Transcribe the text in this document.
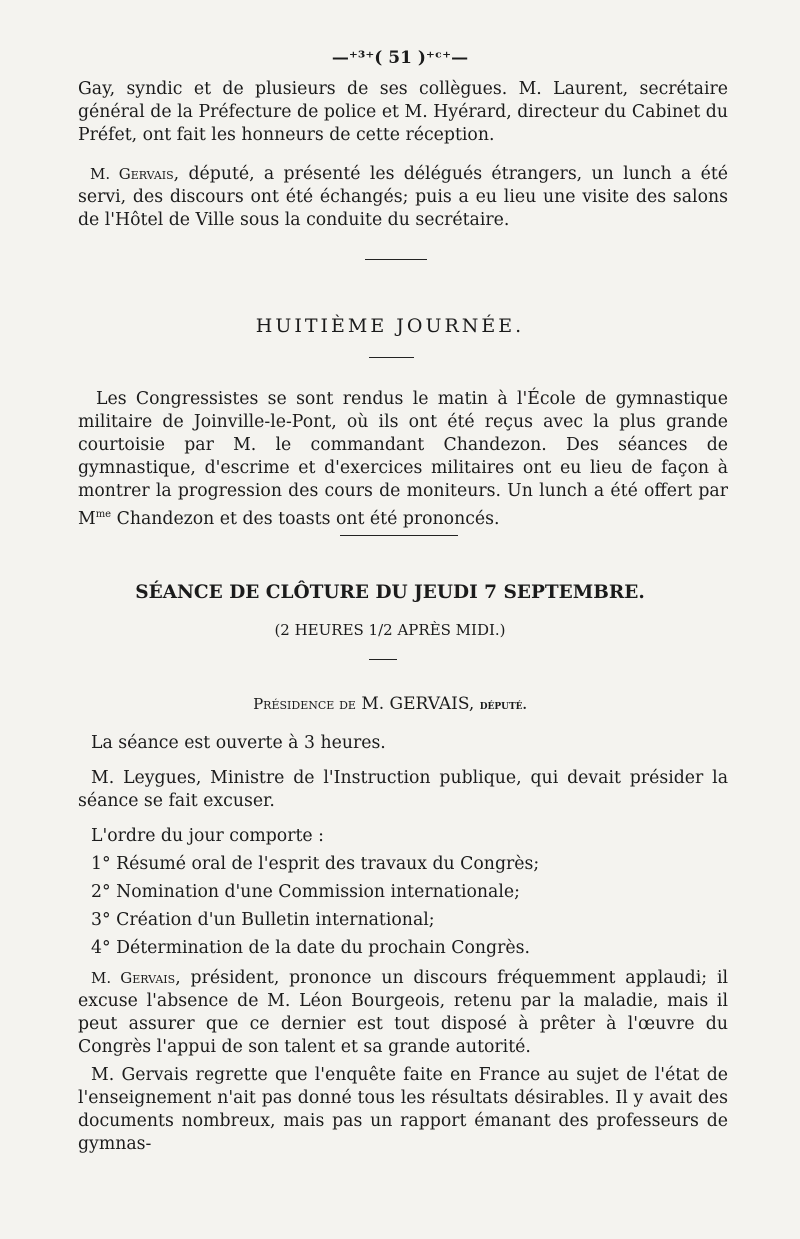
—⁺³⁺( 51 )⁺ᶜ⁺—

Gay, syndic et de plusieurs de ses collègues. M. Laurent, secrétaire général de la Préfecture de police et M. Hyérard, directeur du Cabinet du Préfet, ont fait les honneurs de cette réception.

M. Gervais, député, a présenté les délégués étrangers, un lunch a été servi, des discours ont été échangés; puis a eu lieu une visite des salons de l'Hôtel de Ville sous la conduite du secrétaire.

HUITIÈME JOURNÉE.

Les Congressistes se sont rendus le matin à l'École de gymnastique militaire de Joinville-le-Pont, où ils ont été reçus avec la plus grande courtoisie par M. le commandant Chandezon. Des séances de gymnastique, d'escrime et d'exercices militaires ont eu lieu de façon à montrer la progression des cours de moniteurs. Un lunch a été offert par $M^{me}$ Chandezon et des toasts ont été prononcés.

SÉANCE DE CLÔTURE DU JEUDI 7 SEPTEMBRE.
(2 HEURES 1/2 APRÈS MIDI.)
Présidence de M. GERVAIS, député.
La séance est ouverte à 3 heures.

M. Leygues, Ministre de l'Instruction publique, qui devait présider la séance se fait excuser.

L'ordre du jour comporte :
1° Résumé oral de l'esprit des travaux du Congrès;
2° Nomination d'une Commission internationale;
3° Création d'un Bulletin international;
4° Détermination de la date du prochain Congrès.

M. Gervais, président, prononce un discours fréquemment applaudi; il excuse l'absence de M. Léon Bourgeois, retenu par la maladie, mais il peut assurer que ce dernier est tout disposé à prêter à l'œuvre du Congrès l'appui de son talent et sa grande autorité.

M. Gervais regrette que l'enquête faite en France au sujet de l'état de l'enseignement n'ait pas donné tous les résultats désirables. Il y avait des documents nombreux, mais pas un rapport émanant des professeurs de gymnas-
